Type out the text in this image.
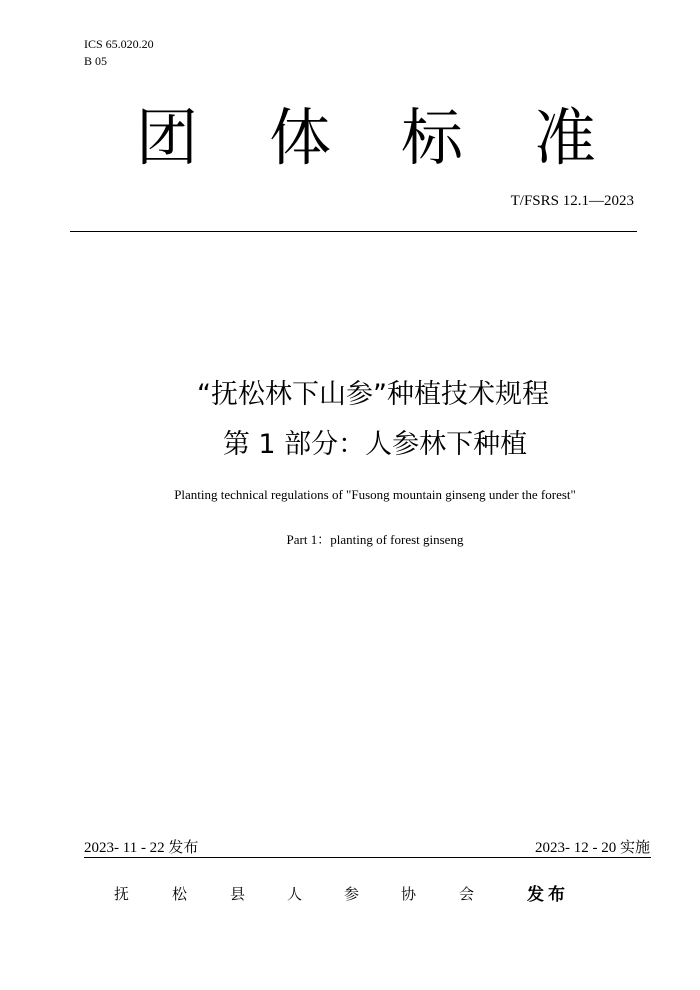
ICS 65.020.20
B 05
团 体 标 准
T/FSRS 12.1—2023
“抚松林下山参”种植技术规程
第 1 部分：人参林下种植
Planting technical regulations of "Fusong mountain ginseng under the forest"
Part 1：planting of forest ginseng
2023- 11 - 22 发布	2023- 12 - 20 实施
抚	松	县	人	参	协	会	发布
